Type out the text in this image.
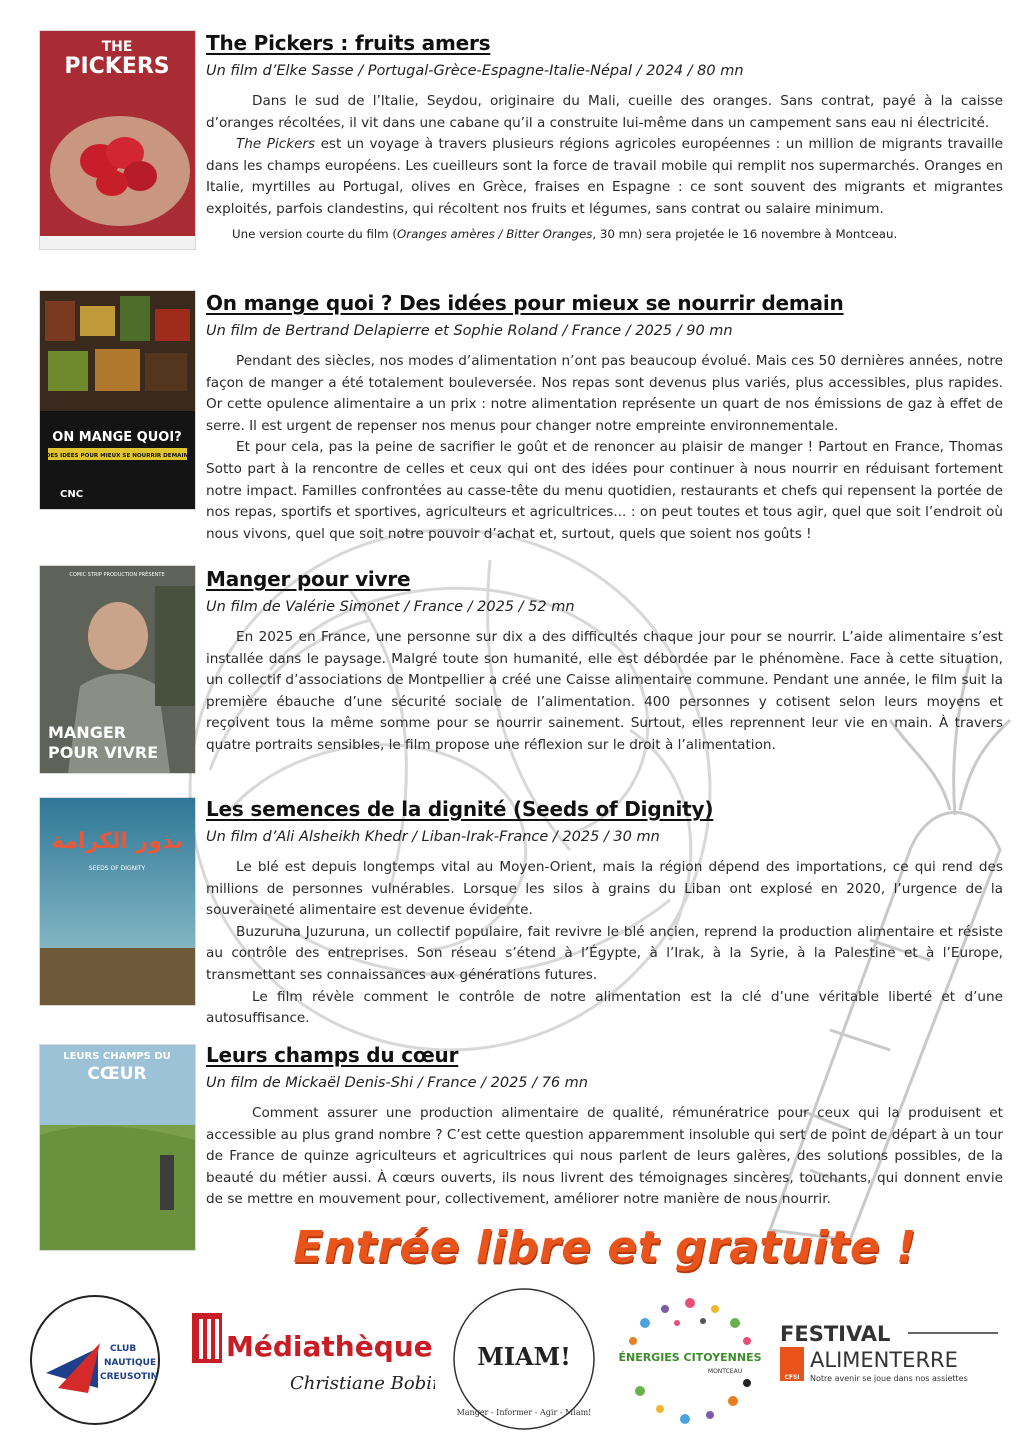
THE
PICKERS
The Pickers : fruits amers
Un film d’Elke Sasse / Portugal-Grèce-Espagne-Italie-Népal / 2024 / 80 mn

Dans le sud de l’Italie, Seydou, originaire du Mali, cueille des oranges. Sans contrat, payé à la caisse d’oranges récoltées, il vit dans une cabane qu’il a construite lui-même dans un campement sans eau ni électricité.

The Pickers est un voyage à travers plusieurs régions agricoles européennes : un million de migrants travaille dans les champs européens. Les cueilleurs sont la force de travail mobile qui remplit nos supermarchés. Oranges en Italie, myrtilles au Portugal, olives en Grèce, fraises en Espagne : ce sont souvent des migrants et migrantes exploités, parfois clandestins, qui récoltent nos fruits et légumes, sans contrat ou salaire minimum.

Une version courte du film (Oranges amères / Bitter Oranges, 30 mn) sera projetée le 16 novembre à Montceau.
ON MANGE QUOI?
DES IDÉES POUR MIEUX SE NOURRIR DEMAIN
CNC
On mange quoi ? Des idées pour mieux se nourrir demain
Un film de Bertrand Delapierre et Sophie Roland / France / 2025 / 90 mn

Pendant des siècles, nos modes d’alimentation n’ont pas beaucoup évolué. Mais ces 50 dernières années, notre façon de manger a été totalement bouleversée. Nos repas sont devenus plus variés, plus accessibles, plus rapides. Or cette opulence alimentaire a un prix : notre alimentation représente un quart de nos émissions de gaz à effet de serre. Il est urgent de repenser nos menus pour changer notre empreinte environnementale.

Et pour cela, pas la peine de sacrifier le goût et de renoncer au plaisir de manger ! Partout en France, Thomas Sotto part à la rencontre de celles et ceux qui ont des idées pour continuer à nous nourrir en réduisant fortement notre impact. Familles confrontées au casse-tête du menu quotidien, restaurants et chefs qui repensent la portée de nos repas, sportifs et sportives, agriculteurs et agricultrices... : on peut toutes et tous agir, quel que soit l’endroit où nous vivons, quel que soit notre pouvoir d’achat et, surtout, quels que soient nos goûts !

COMIC STRIP PRODUCTION PRÉSENTE
MANGER
POUR VIVRE
Manger pour vivre
Un film de Valérie Simonet / France / 2025 / 52 mn

En 2025 en France, une personne sur dix a des difficultés chaque jour pour se nourrir. L’aide alimentaire s’est installée dans le paysage. Malgré toute son humanité, elle est débordée par le phénomène. Face à cette situation, un collectif d’associations de Montpellier a créé une Caisse alimentaire commune. Pendant une année, le film suit la première ébauche d’une sécurité sociale de l’alimentation. 400 personnes y cotisent selon leurs moyens et reçoivent tous la même somme pour se nourrir sainement. Surtout, elles reprennent leur vie en main. À travers quatre portraits sensibles, le film propose une réflexion sur le droit à l’alimentation.

بذور الكرامة
SEEDS OF DIGNITY
Les semences de la dignité (Seeds of Dignity)
Un film d’Ali Alsheikh Khedr / Liban-Irak-France / 2025 / 30 mn

Le blé est depuis longtemps vital au Moyen-Orient, mais la région dépend des importations, ce qui rend des millions de personnes vulnérables. Lorsque les silos à grains du Liban ont explosé en 2020, l’urgence de la souveraineté alimentaire est devenue évidente.

Buzuruna Juzuruna, un collectif populaire, fait revivre le blé ancien, reprend la production alimentaire et résiste au contrôle des entreprises. Son réseau s’étend à l’Égypte, à l’Irak, à la Syrie, à la Palestine et à l’Europe, transmettant ses connaissances aux générations futures.

Le film révèle comment le contrôle de notre alimentation est la clé d’une véritable liberté et d’une autosuffisance.

LEURS CHAMPS DU
CŒUR
Leurs champs du cœur
Un film de Mickaël Denis-Shi / France / 2025 / 76 mn

Comment assurer une production alimentaire de qualité, rémunératrice pour ceux qui la produisent et accessible au plus grand nombre ? C’est cette question apparemment insoluble qui sert de point de départ à un tour de France de quinze agriculteurs et agricultrices qui nous parlent de leurs galères, des solutions possibles, de la beauté du métier aussi. À cœurs ouverts, ils nous livrent des témoignages sincères, touchants, qui donnent envie de se mettre en mouvement pour, collectivement, améliorer notre manière de nous nourrir.

Entrée libre et gratuite !
CLUB
NAUTIQUE
CREUSOTIN
Médiathèque
Christiane Bobin
MIAM!
Manger - Informer - Agir - Miam!
ÉNERGIES CITOYENNES
MONTCEAU
FESTIVAL
CFSI
ALIMENTERRE
Notre avenir se joue dans nos assiettes
